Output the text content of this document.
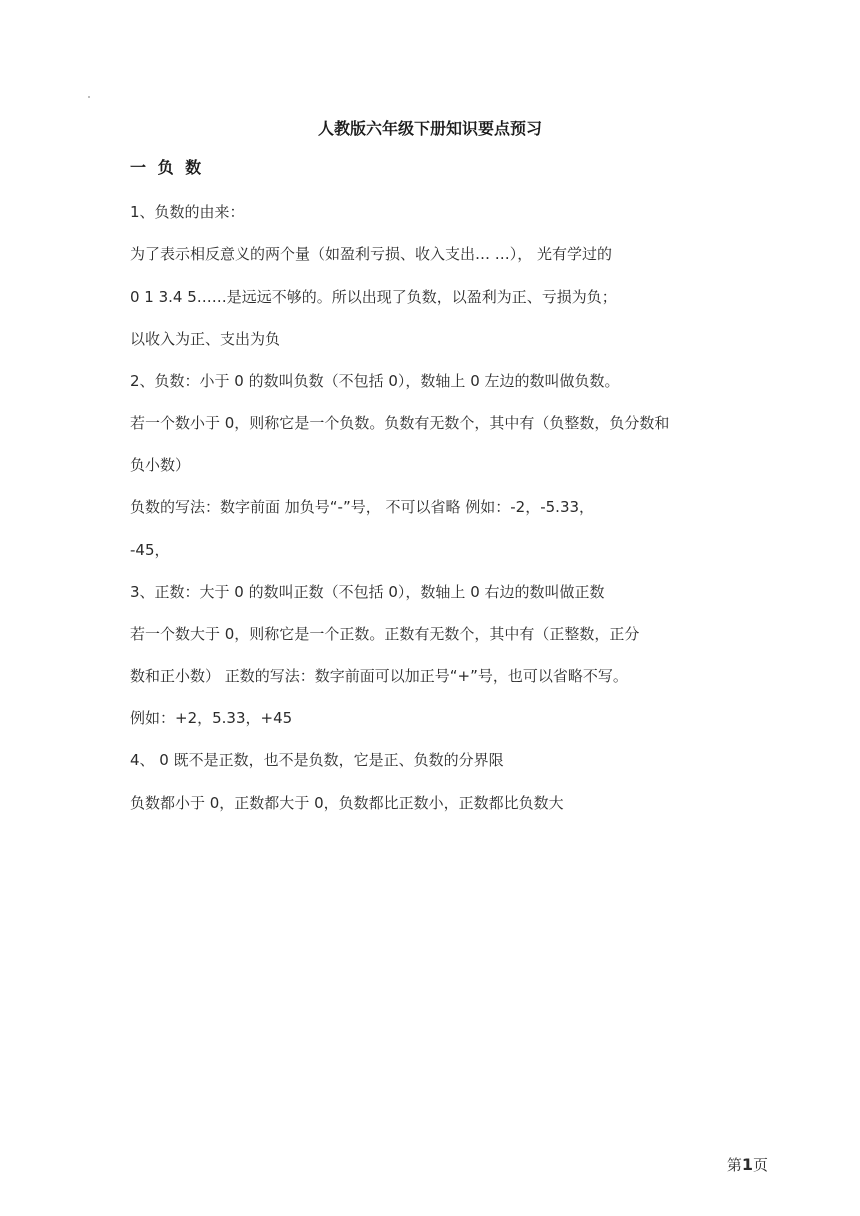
人教版六年级下册知识要点预习
一 负 数
1、负数的由来：
为了表示相反意义的两个量（如盈利亏损、收入支出… …）， 光有学过的
0 1 3.4 5……是远远不够的。所以出现了负数，以盈利为正、亏损为负；
以收入为正、支出为负
2、负数：小于 0 的数叫负数（不包括 0），数轴上 0 左边的数叫做负数。
若一个数小于 0，则称它是一个负数。负数有无数个，其中有（负整数，负分数和
负小数）
负数的写法：数字前面 加负号“-”号， 不可以省略 例如：-2，-5.33，
-45，
3、正数：大于 0 的数叫正数（不包括 0），数轴上 0 右边的数叫做正数
若一个数大于 0，则称它是一个正数。正数有无数个，其中有（正整数，正分
数和正小数） 正数的写法：数字前面可以加正号“+”号，也可以省略不写。
例如：+2，5.33，+45
4、 0 既不是正数，也不是负数，它是正、负数的分界限
负数都小于 0，正数都大于 0，负数都比正数小，正数都比负数大
第1页
